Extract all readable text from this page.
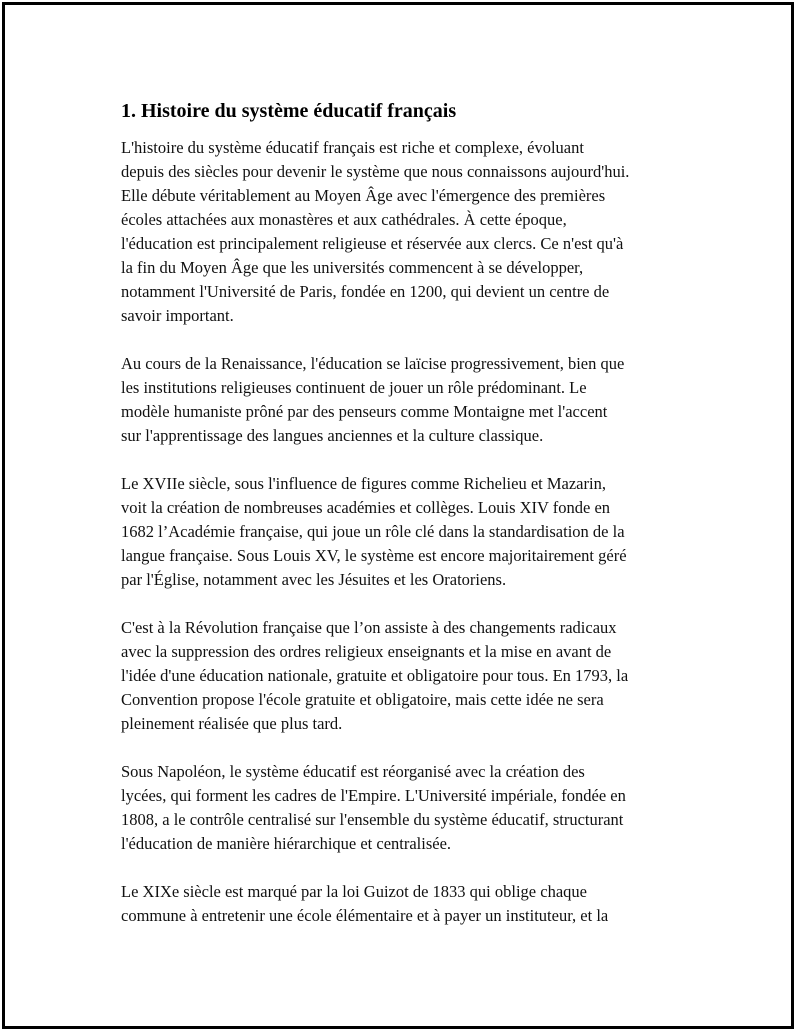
1. Histoire du système éducatif français

L'histoire du système éducatif français est riche et complexe, évoluant
depuis des siècles pour devenir le système que nous connaissons aujourd'hui.
Elle débute véritablement au Moyen Âge avec l'émergence des premières
écoles attachées aux monastères et aux cathédrales. À cette époque,
l'éducation est principalement religieuse et réservée aux clercs. Ce n'est qu'à
la fin du Moyen Âge que les universités commencent à se développer,
notamment l'Université de Paris, fondée en 1200, qui devient un centre de
savoir important.

Au cours de la Renaissance, l'éducation se laïcise progressivement, bien que
les institutions religieuses continuent de jouer un rôle prédominant. Le
modèle humaniste prôné par des penseurs comme Montaigne met l'accent
sur l'apprentissage des langues anciennes et la culture classique.

Le XVIIe siècle, sous l'influence de figures comme Richelieu et Mazarin,
voit la création de nombreuses académies et collèges. Louis XIV fonde en
1682 l’Académie française, qui joue un rôle clé dans la standardisation de la
langue française. Sous Louis XV, le système est encore majoritairement géré
par l'Église, notamment avec les Jésuites et les Oratoriens.

C'est à la Révolution française que l’on assiste à des changements radicaux
avec la suppression des ordres religieux enseignants et la mise en avant de
l'idée d'une éducation nationale, gratuite et obligatoire pour tous. En 1793, la
Convention propose l'école gratuite et obligatoire, mais cette idée ne sera
pleinement réalisée que plus tard.

Sous Napoléon, le système éducatif est réorganisé avec la création des
lycées, qui forment les cadres de l'Empire. L'Université impériale, fondée en
1808, a le contrôle centralisé sur l'ensemble du système éducatif, structurant
l'éducation de manière hiérarchique et centralisée.

Le XIXe siècle est marqué par la loi Guizot de 1833 qui oblige chaque
commune à entretenir une école élémentaire et à payer un instituteur, et la
